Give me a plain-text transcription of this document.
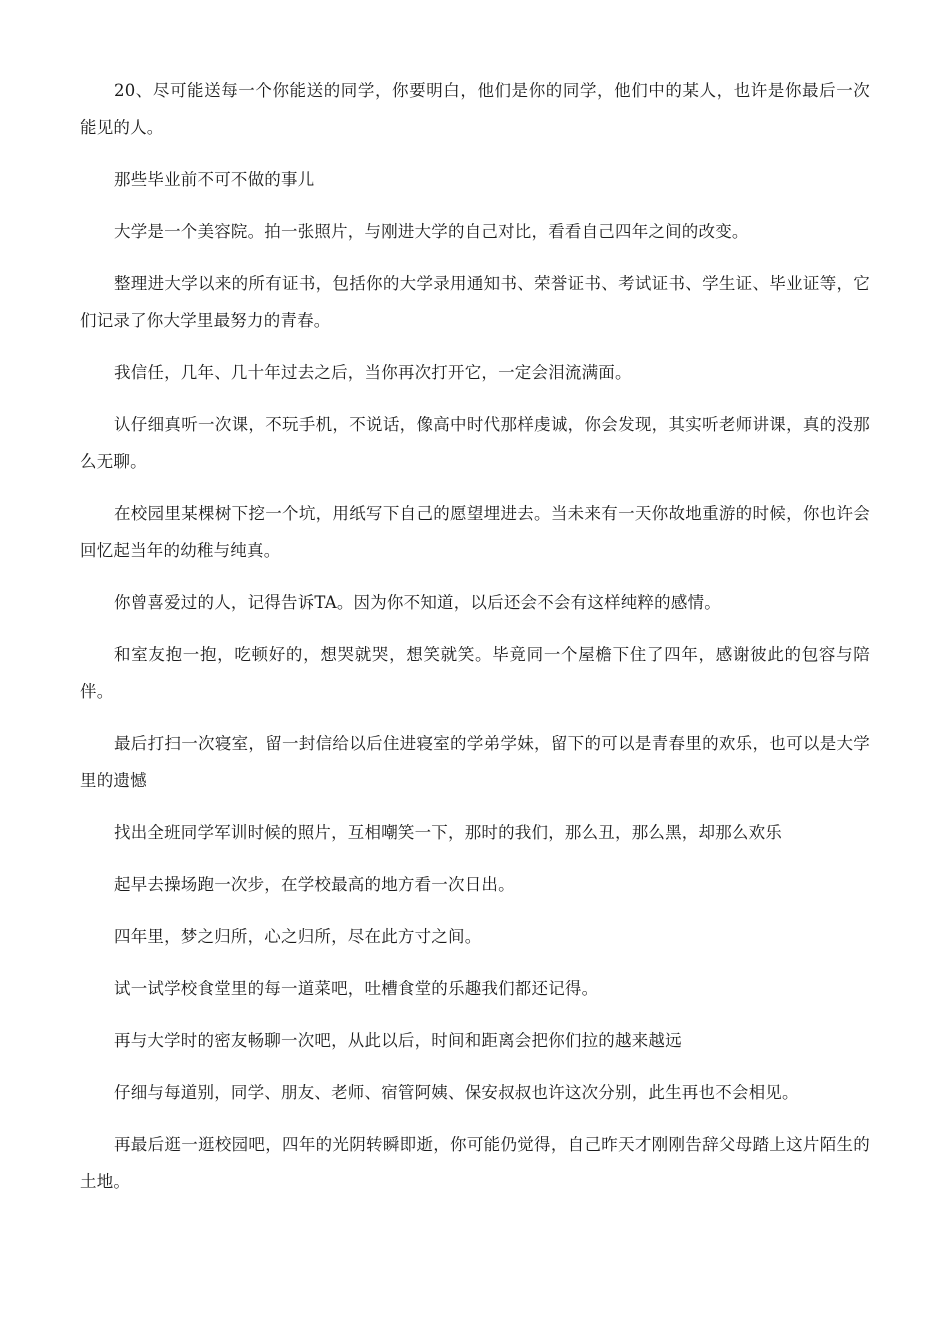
20、尽可能送每一个你能送的同学，你要明白，他们是你的同学，他们中的某人，也许是你最后一次能见的人。

那些毕业前不可不做的事儿

大学是一个美容院。拍一张照片，与刚进大学的自己对比，看看自己四年之间的改变。

整理进大学以来的所有证书，包括你的大学录用通知书、荣誉证书、考试证书、学生证、毕业证等，它们记录了你大学里最努力的青春。

我信任，几年、几十年过去之后，当你再次打开它，一定会泪流满面。

认仔细真听一次课，不玩手机，不说话，像高中时代那样虔诚，你会发现，其实听老师讲课，真的没那么无聊。

在校园里某棵树下挖一个坑，用纸写下自己的愿望埋进去。当未来有一天你故地重游的时候，你也许会回忆起当年的幼稚与纯真。

你曾喜爱过的人，记得告诉TA。因为你不知道，以后还会不会有这样纯粹的感情。

和室友抱一抱，吃顿好的，想哭就哭，想笑就笑。毕竟同一个屋檐下住了四年，感谢彼此的包容与陪伴。

最后打扫一次寝室，留一封信给以后住进寝室的学弟学妹，留下的可以是青春里的欢乐，也可以是大学里的遗憾

找出全班同学军训时候的照片，互相嘲笑一下，那时的我们，那么丑，那么黑，却那么欢乐

起早去操场跑一次步，在学校最高的地方看一次日出。

四年里，梦之归所，心之归所，尽在此方寸之间。

试一试学校食堂里的每一道菜吧，吐槽食堂的乐趣我们都还记得。

再与大学时的密友畅聊一次吧，从此以后，时间和距离会把你们拉的越来越远

仔细与每道别，同学、朋友、老师、宿管阿姨、保安叔叔也许这次分别，此生再也不会相见。

再最后逛一逛校园吧，四年的光阴转瞬即逝，你可能仍觉得，自己昨天才刚刚告辞父母踏上这片陌生的土地。
